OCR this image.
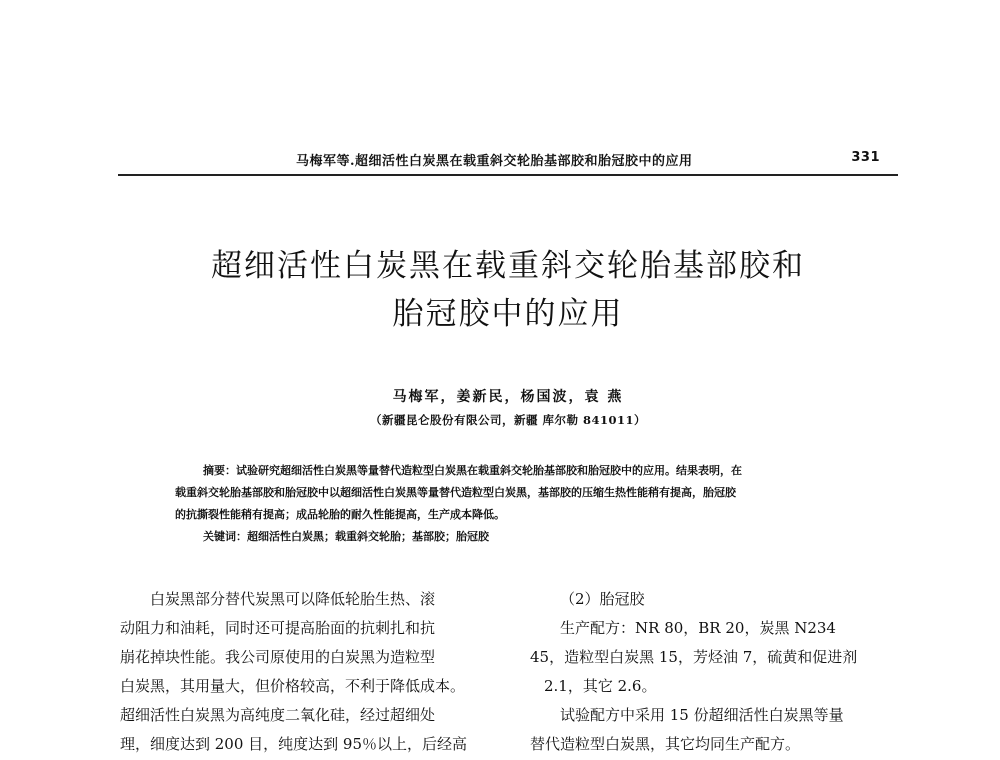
马梅军等.超细活性白炭黑在载重斜交轮胎基部胶和胎冠胶中的应用	331
超细活性白炭黑在载重斜交轮胎基部胶和
胎冠胶中的应用
马梅军，姜新民，杨国波，袁 燕
（新疆昆仑股份有限公司，新疆 库尔勒 841011）
摘要：试验研究超细活性白炭黑等量替代造粒型白炭黑在载重斜交轮胎基部胶和胎冠胶中的应用。结果表明，在
载重斜交轮胎基部胶和胎冠胶中以超细活性白炭黑等量替代造粒型白炭黑，基部胶的压缩生热性能稍有提高，胎冠胶
的抗撕裂性能稍有提高；成品轮胎的耐久性能提高，生产成本降低。
关键词：超细活性白炭黑；载重斜交轮胎；基部胶；胎冠胶
白炭黑部分替代炭黑可以降低轮胎生热、滚
动阻力和油耗，同时还可提高胎面的抗刺扎和抗
崩花掉块性能。我公司原使用的白炭黑为造粒型
白炭黑，其用量大，但价格较高，不利于降低成本。
超细活性白炭黑为高纯度二氧化硅，经过超细处
理，细度达到 200 目，纯度达到 95％以上，后经高
（2）胎冠胶
生产配方：NR 80，BR 20，炭黑 N234
45，造粒型白炭黑 15，芳烃油 7，硫黄和促进剂
2.1，其它 2.6。
试验配方中采用 15 份超细活性白炭黑等量
替代造粒型白炭黑，其它均同生产配方。
